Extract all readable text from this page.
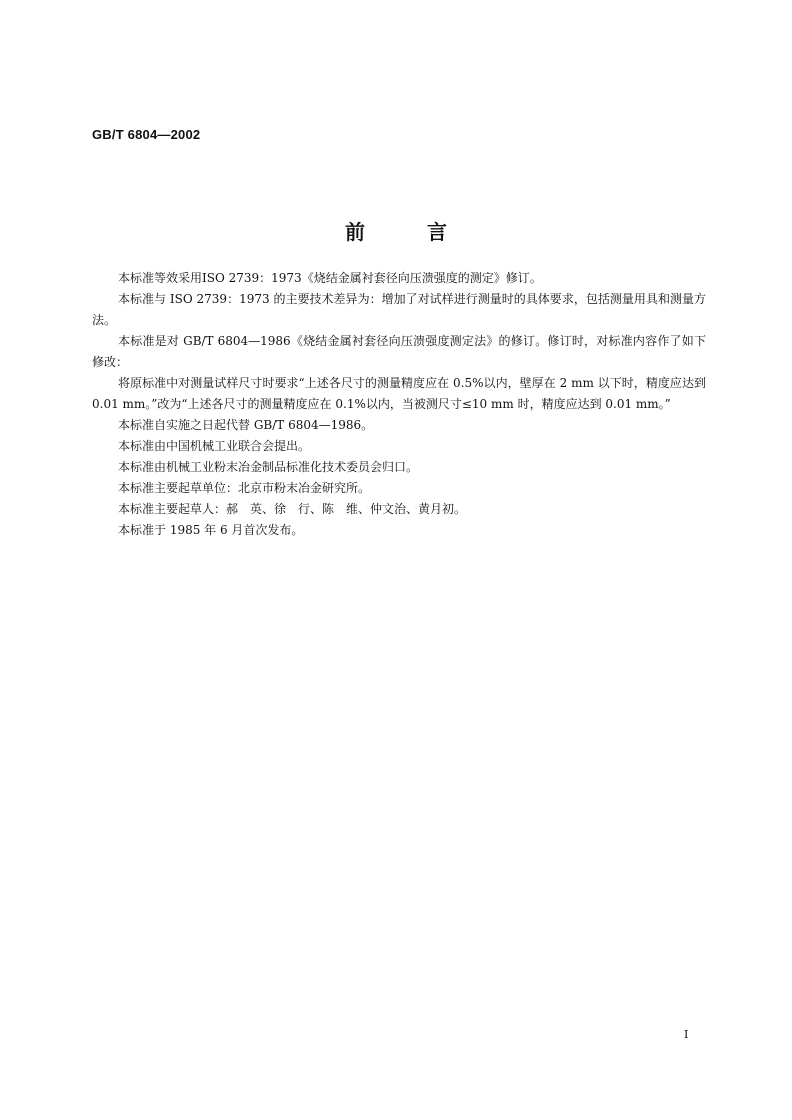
GB/T 6804—2002
前	言

本标准等效采用ISO 2739：1973《烧结金属衬套径向压溃强度的测定》修订。

本标准与 ISO 2739：1973 的主要技术差异为：增加了对试样进行测量时的具体要求，包括测量用具和测量方法。

本标准是对 GB/T 6804—1986《烧结金属衬套径向压溃强度测定法》的修订。修订时，对标准内容作了如下修改：

将原标准中对测量试样尺寸时要求“上述各尺寸的测量精度应在 0.5%以内，壁厚在 2 mm 以下时，精度应达到 0.01 mm。”改为“上述各尺寸的测量精度应在 0.1%以内，当被测尺寸≤10 mm 时，精度应达到 0.01 mm。”

本标准自实施之日起代替 GB/T 6804—1986。

本标准由中国机械工业联合会提出。

本标准由机械工业粉末冶金制品标准化技术委员会归口。

本标准主要起草单位：北京市粉末冶金研究所。

本标准主要起草人：郝　英、徐　行、陈　维、仲文治、黄月初。

本标准于 1985 年 6 月首次发布。

I
